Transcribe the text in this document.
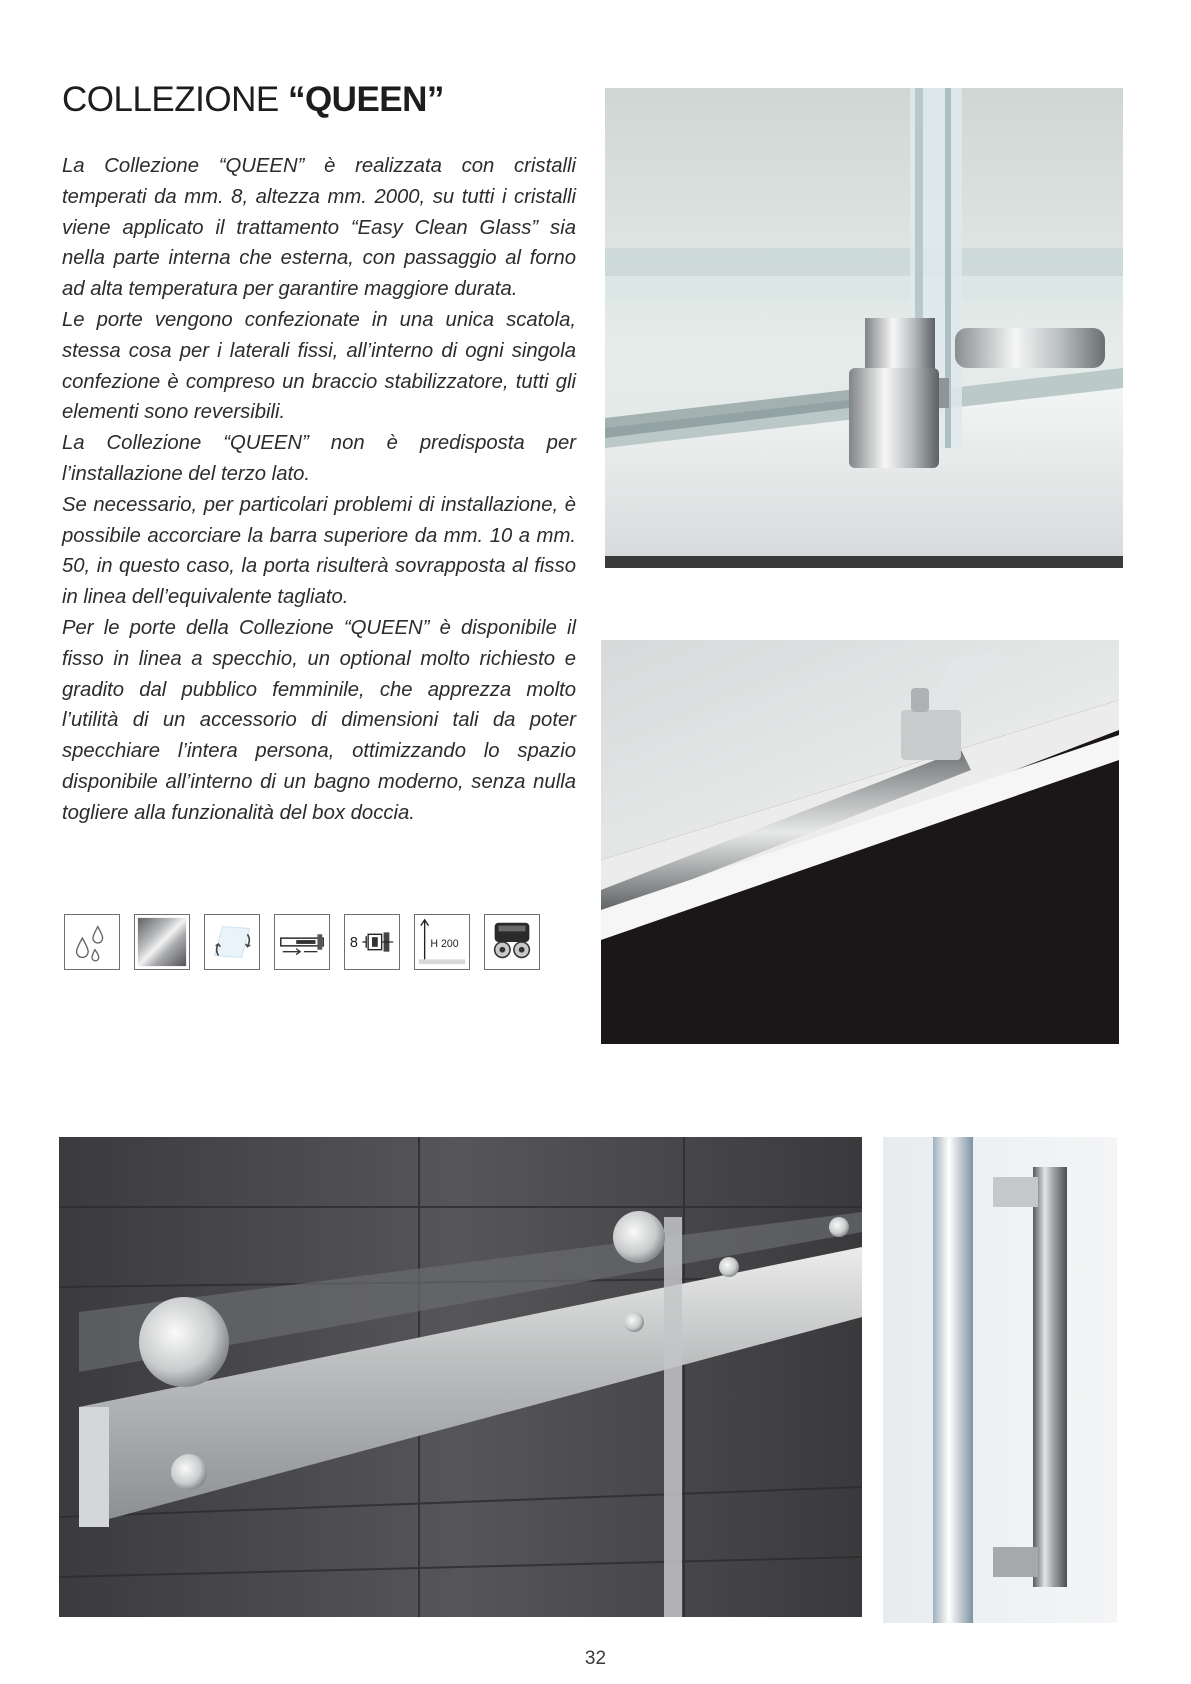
COLLEZIONE “QUEEN”

La Collezione “QUEEN” è realizzata con cristalli temperati da mm. 8, altezza mm. 2000, su tutti i cristalli viene applicato il trattamento “Easy Clean Glass” sia nella parte interna che esterna, con passaggio al forno ad alta temperatura per garantire maggiore durata.

Le porte vengono confezionate in una unica scatola, stessa cosa per i laterali fissi, all’interno di ogni singola confezione è compreso un braccio stabilizzatore, tutti gli elementi sono reversibili.

La Collezione “QUEEN” non è predisposta per l’installazione del terzo lato.

Se necessario, per particolari problemi di installazione, è possibile accorciare la barra superiore da mm. 10 a mm. 50, in questo caso, la porta risulterà sovrapposta al fisso in linea dell’equivalente tagliato.

Per le porte della Collezione “QUEEN” è disponibile il fisso in linea a specchio, un optional molto richiesto e gradito dal pubblico femminile, che apprezza molto l’utilità di un accessorio di dimensioni tali da poter specchiare l’intera persona, ottimizzando lo spazio disponibile all’interno di un bagno moderno, senza nulla togliere alla funzionalità del box doccia.

8	H 200
32
